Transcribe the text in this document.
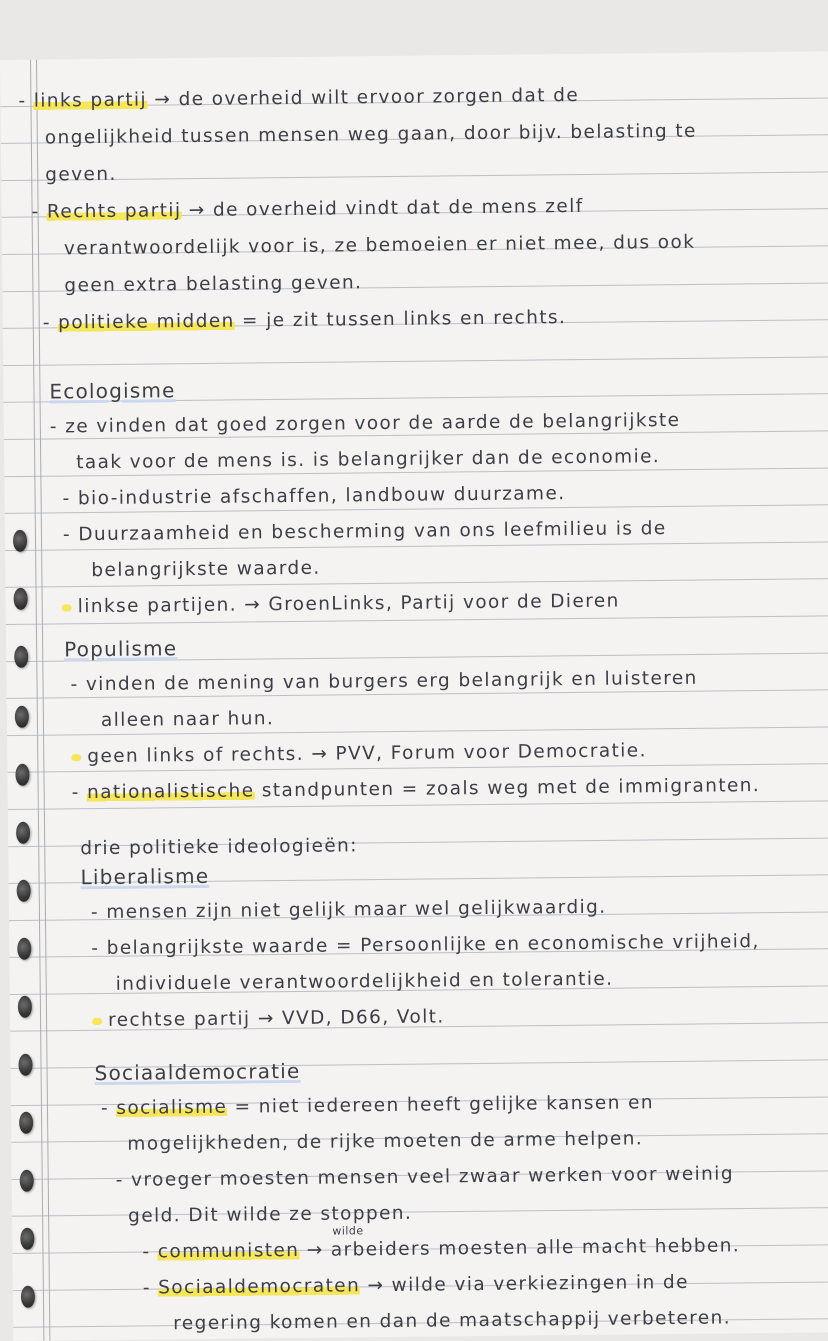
- links partij → de overheid wilt ervoor zorgen dat de
ongelijkheid tussen mensen weg gaan, door bijv. belasting te
geven.
- Rechts partij → de overheid vindt dat de mens zelf
verantwoordelijk voor is, ze bemoeien er niet mee, dus ook
geen extra belasting geven.
- politieke midden = je zit tussen links en rechts.
Ecologisme
- ze vinden dat goed zorgen voor de aarde de belangrijkste
taak voor de mens is. is belangrijker dan de economie.
- bio-industrie afschaffen, landbouw duurzame.
- Duurzaamheid en bescherming van ons leefmilieu is de
belangrijkste waarde.
linkse partijen. → GroenLinks, Partij voor de Dieren
Populisme
- vinden de mening van burgers erg belangrijk en luisteren
alleen naar hun.
geen links of rechts. → PVV, Forum voor Democratie.
- nationalistische standpunten = zoals weg met de immigranten.
drie politieke ideologieën:
Liberalisme
- mensen zijn niet gelijk maar wel gelijkwaardig.
- belangrijkste waarde = Persoonlijke en economische vrijheid,
individuele verantwoordelijkheid en tolerantie.
rechtse partij → VVD, D66, Volt.
Sociaaldemocratie
- socialisme = niet iedereen heeft gelijke kansen en
mogelijkheden, de rijke moeten de arme helpen.
- vroeger moesten mensen veel zwaar werken voor weinig
geld. Dit wilde ze stoppen.
wilde
- communisten → arbeiders moesten alle macht hebben.
- Sociaaldemocraten → wilde via verkiezingen in de
regering komen en dan de maatschappij verbeteren.
